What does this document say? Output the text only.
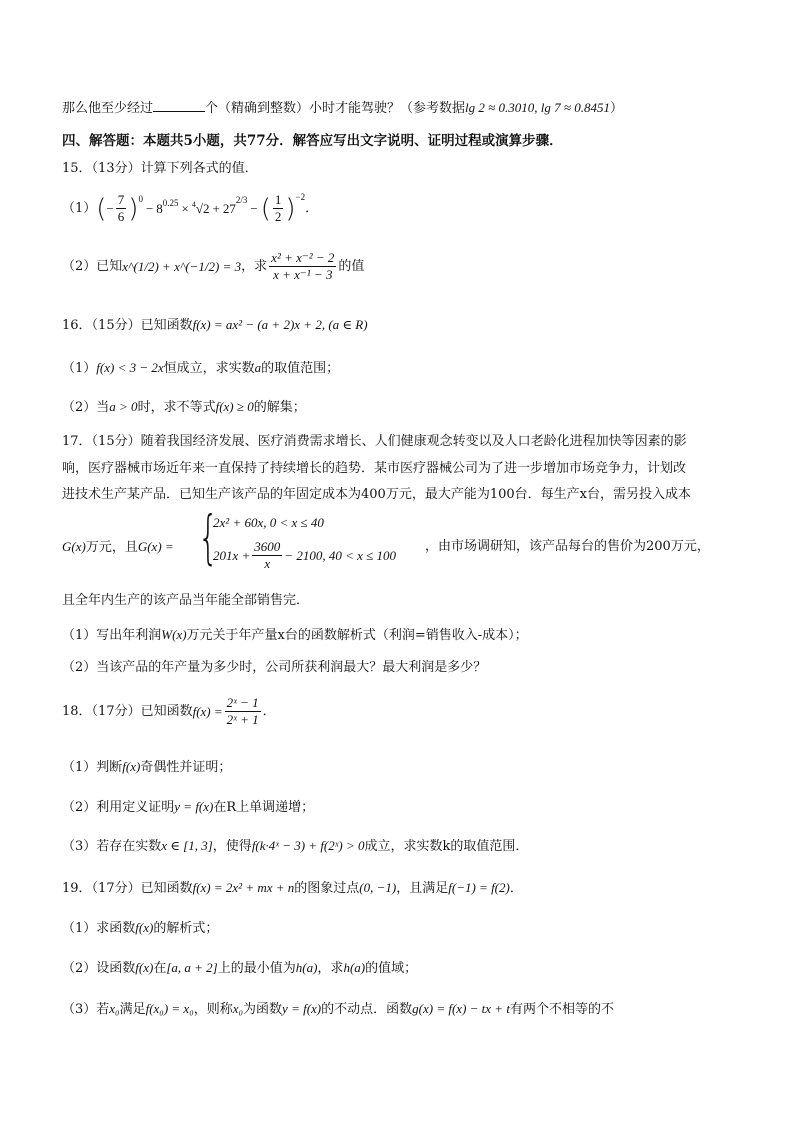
那么他至少经过	个（精确到整数）小时才能驾驶？（参考数据lg 2 ≈ 0.3010, lg 7 ≈ 0.8451）
四、解答题：本题共5小题，共77分．解答应写出文字说明、证明过程或演算步骤．
15．（13分）计算下列各式的值．
（1） ( − $\frac{7}{6} )^0$
− $8^{0.25} \times ^4$ √2 + 27
$^{2/3}$
− ( $\frac{1}{2} )^{-2}$
．
（2）已知 x^(1/2) + x^(−1/2) = 3 ，求 $\frac{\text{x² + x⁻² − 2}}{\text{x + x⁻¹ − 3}}$ 的值
16．（15分）已知函数f(x) = ax² − (a + 2)x + 2, (a ∈ R)
（1）f(x) < 3 − 2x恒成立，求实数a的取值范围；
（2）当a > 0时，求不等式f(x) ≥ 0的解集；
17．（15分）随着我国经济发展、医疗消费需求增长、人们健康观念转变以及人口老龄化进程加快等因素的影
响，医疗器械市场近年来一直保持了持续增长的趋势．某市医疗器械公司为了进一步增加市场竞争力，计划改
进技术生产某产品．已知生产该产品的年固定成本为400万元，最大产能为100台．每生产x台，需另投入成本
G(x)万元，且G(x) = {
2x² + 60x, 0 < x ≤ 40
$201x + \frac{3600}{x} - 2100$, 40 < x ≤ 100
，由市场调研知，该产品每台的售价为200万元，
且全年内生产的该产品当年能全部销售完．
（1）写出年利润W(x)万元关于年产量x台的函数解析式（利润=销售收入-成本）；
（2）当该产品的年产量为多少时，公司所获利润最大？最大利润是多少？
18．（17分）已知函数 $f(x) = \frac{\text{2ˣ − 1}}{\text{2ˣ + 1}}$ ．
（1）判断f(x)奇偶性并证明；
（2）利用定义证明y = f(x)在R上单调递增；
（3）若存在实数x ∈ [1, 3]，使得f(k·4ˣ − 3) + f(2ˣ) > 0成立，求实数k的取值范围．
19．（17分）已知函数f(x) = 2x² + mx + n的图象过点(0, −1)，且满足f(−1) = f(2)．
（1）求函数f(x)的解析式；
（2）设函数f(x)在[a, a + 2]上的最小值为h(a)，求h(a)的值域；
（3）若x₀满足f(x₀) = x₀，则称x₀为函数y = f(x)的不动点．函数g(x) = f(x) − tx + t有两个不相等的不
